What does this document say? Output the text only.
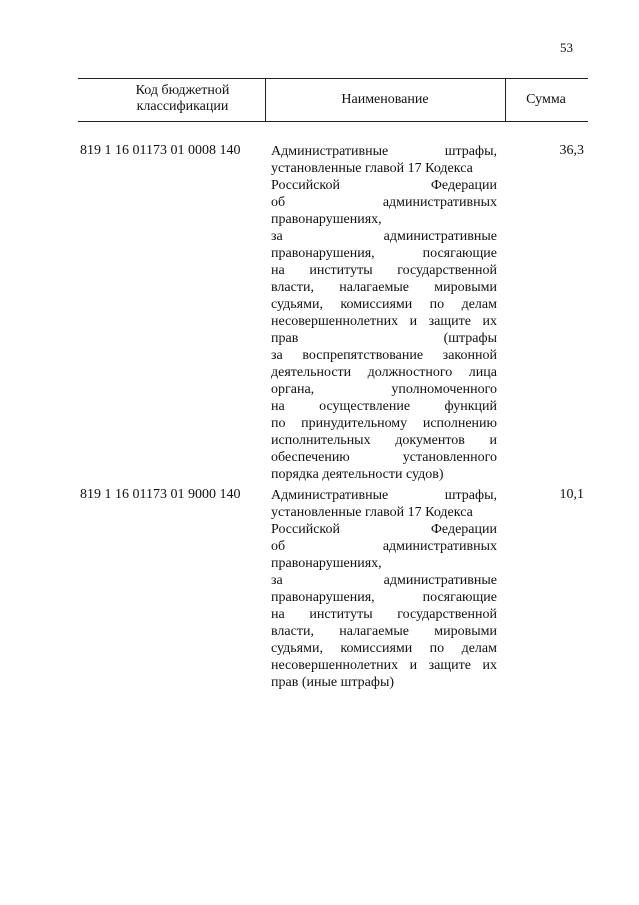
53
Код бюджетной
классификации	Наименование	Сумма
819 1 16 01173 01 0008 140 Административные штрафы,
установленные главой 17 Кодекса
Российской Федерации
об административных
правонарушениях,
за административные
правонарушения, посягающие
на институты государственной
власти, налагаемые мировыми
судьями, комиссиями по делам
несовершеннолетних и защите их
прав (штрафы
за воспрепятствование законной
деятельности должностного лица
органа, уполномоченного
на осуществление функций
по принудительному исполнению
исполнительных документов и
обеспечению установленного
порядка деятельности судов)
36,3
819 1 16 01173 01 9000 140 Административные штрафы,
установленные главой 17 Кодекса
Российской Федерации
об административных
правонарушениях,
за административные
правонарушения, посягающие
на институты государственной
власти, налагаемые мировыми
судьями, комиссиями по делам
несовершеннолетних и защите их
прав (иные штрафы)
10,1
